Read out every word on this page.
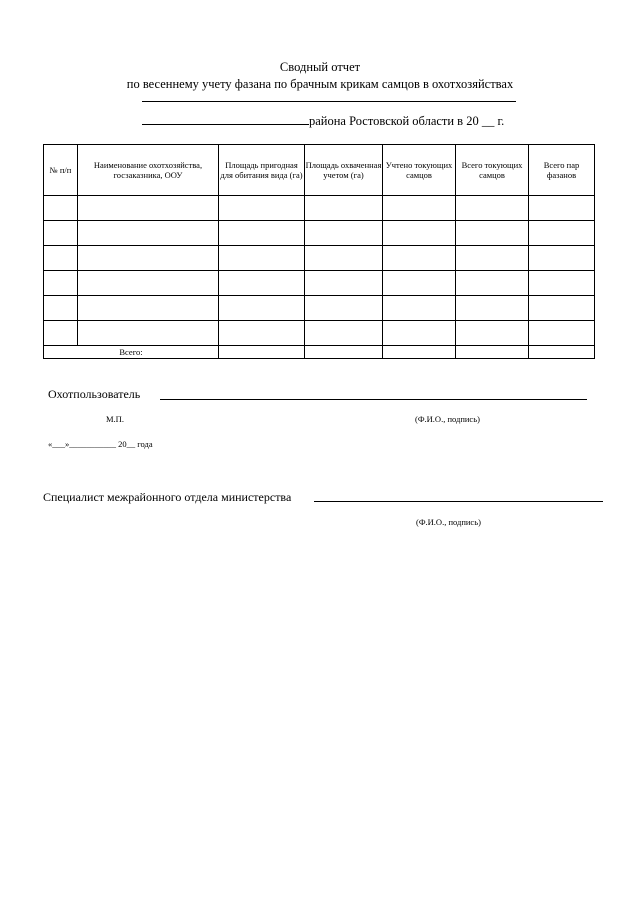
Сводный отчет
по весеннему учету фазана по брачным крикам самцов в охотхозяйствах
района Ростовской области в 20 __ г.
№ п/п	Наименование охотхозяйства, госзаказника, ООУ	Площадь пригодная для обитания вида (га)	Площадь охваченная учетом (га)	Учтено токующих самцов	Всего токующих самцов	Всего пар фазанов

Всего:						
Охотпользователь
М.П.	(Ф.И.О., подпись)
«___»___________ 20__ года
Специалист межрайонного отдела министерства
(Ф.И.О., подпись)
